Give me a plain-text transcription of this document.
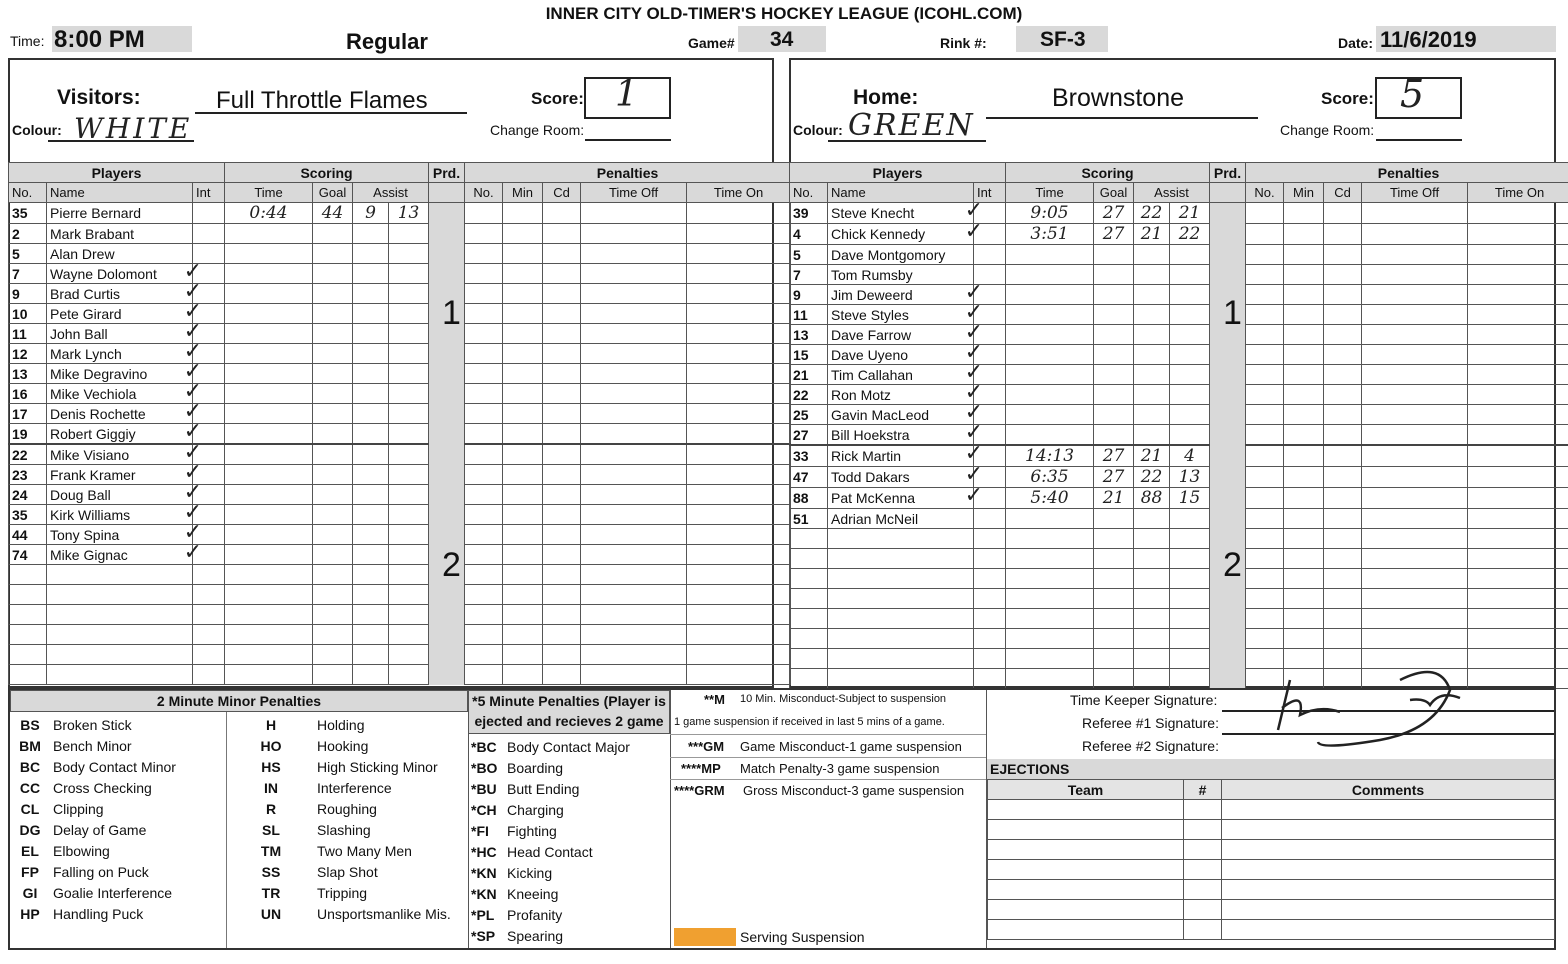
INNER CITY OLD-TIMER'S HOCKEY LEAGUE (ICOHL.COM)
Time: 8:00 PM	Regular	Game# 34	Rink #:	SF-3	Date: 11/6/2019
Visitors:	Full Throttle Flames	Score: 1
Colour: WHITE	Change Room:
Home:	Brownstone	Score: 5
Colour: GREEN	Change Room:
Players			Scoring				Prd.	Penalties				
No.	Name	Int	Time	Goal	Assist			No.	Min	Cd	Time Off	Time On
35	Pierre Bernard		0:44	44	9	13						
2	Mark Brabant											
5	Alan Drew											
7	Wayne Dolomont ✓											

9	Brad Curtis ✓											

10	Pete Girard ✓											

11	John Ball ✓											

12	Mark Lynch ✓											

13	Mike Degravino ✓											

16	Mike Vechiola ✓											

17	Denis Rochette ✓											

19	Robert Giggiy ✓											

22	Mike Visiano ✓											

23	Frank Kramer ✓											

24	Doug Ball ✓											

35	Kirk Williams ✓											

44	Tony Spina ✓											

74	Mike Gignac ✓											

1
2
Players			Scoring				Prd.	Penalties				
No.	Name	Int	Time	Goal	Assist			No.	Min	Cd	Time Off	Time On
39	Steve Knecht ✓		9:05	27	22	21						
4	Chick Kennedy ✓		3:51	27	21	22						
5	Dave Montgomory											
7	Tom Rumsby											
9	Jim Deweerd ✓											

11	Steve Styles ✓											

13	Dave Farrow ✓											

15	Dave Uyeno ✓											

21	Tim Callahan ✓											

22	Ron Motz ✓											

25	Gavin MacLeod ✓											

27	Bill Hoekstra ✓											

33	Rick Martin ✓		14:13	27	21	4						
47	Todd Dakars ✓		6:35	27	22	13						
88	Pat McKenna ✓		5:40	21	88	15						
51	Adrian McNeil											

1
2
2 Minute Minor Penalties
BS	Broken Stick	H	Holding
BM	Bench Minor	HO	Hooking
BC	Body Contact Minor	HS	High Sticking Minor
CC	Cross Checking	IN	Interference
CL	Clipping	R	Roughing
DG	Delay of Game	SL	Slashing
EL	Elbowing	TM	Two Many Men
FP	Falling on Puck	SS	Slap Shot
GI	Goalie Interference	TR	Tripping
HP	Handling Puck	UN	Unsportsmanlike Mis.
*5 Minute Penalties (Player is
ejected and recieves 2 game
*BC	Body Contact Major
*BO	Boarding
*BU	Butt Ending
*CH	Charging
*FI	Fighting
*HC	Head Contact
*KN	Kicking
*KN	Kneeing
*PL	Profanity
*SP	Spearing
**M 10 Min. Misconduct-Subject to suspension
1 game suspension if received in last 5 mins of a game.
***GM Game Misconduct-1 game suspension
****MP Match Penalty-3 game suspension
****GRM Gross Misconduct-3 game suspension
Serving Suspension
Time Keeper Signature:
Referee #1 Signature:
Referee #2 Signature:
EJECTIONS
Team	#	Comments
